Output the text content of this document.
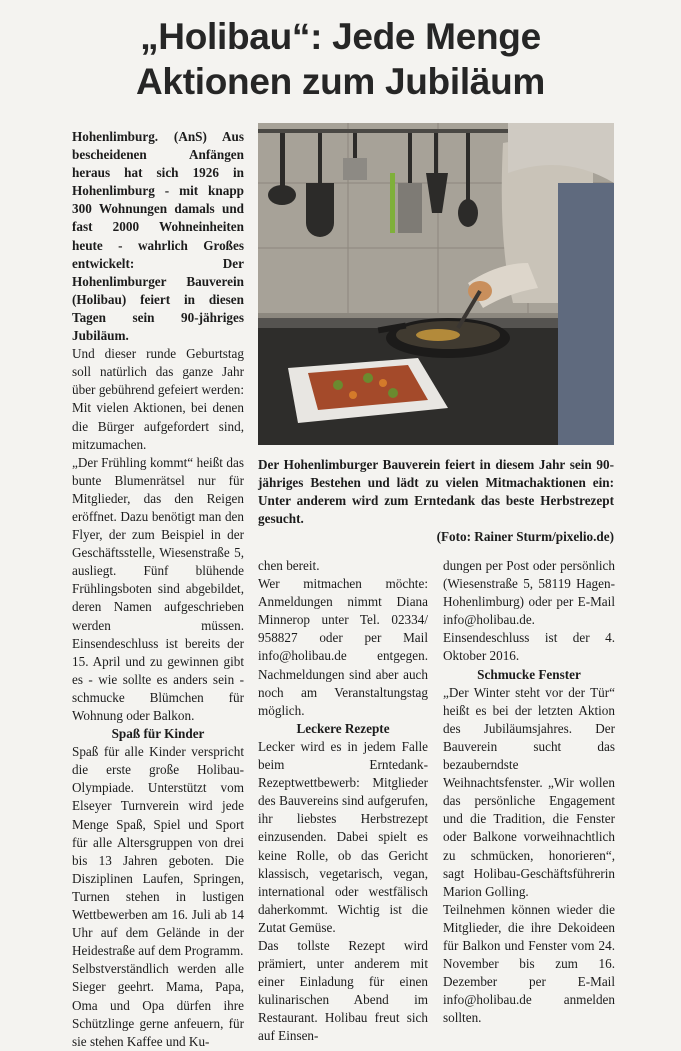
„Holibau“: Jede Menge
Aktionen zum Jubiläum

Hohenlimburg. (AnS) Aus bescheidenen Anfängen heraus hat sich 1926 in Hohenlimburg - mit knapp 300 Wohnungen damals und fast 2000 Wohneinheiten heute - wahrlich Großes entwickelt: Der Hohenlimburger Bauverein (Holibau) feiert in diesen Tagen sein 90-jähriges Jubiläum.

Und dieser runde Geburtstag soll natürlich das ganze Jahr über gebührend gefeiert werden: Mit vielen Aktionen, bei denen die Bürger aufgefordert sind, mitzumachen.

„Der Frühling kommt“ heißt das bunte Blumenrätsel nur für Mitglieder, das den Reigen eröffnet. Dazu benötigt man den Flyer, der zum Beispiel in der Geschäftsstelle, Wiesenstraße 5, ausliegt. Fünf blühende Frühlingsboten sind abgebildet, deren Namen aufgeschrieben werden müssen. Einsendeschluss ist bereits der 15. April und zu gewinnen gibt es - wie sollte es anders sein - schmucke Blümchen für Wohnung oder Balkon.

Spaß für Kinder

Spaß für alle Kinder verspricht die erste große Holibau-Olympiade. Unterstützt vom Elseyer Turnverein wird jede Menge Spaß, Spiel und Sport für alle Altersgruppen von drei bis 13 Jahren geboten. Die Disziplinen Laufen, Springen, Turnen stehen in lustigen Wettbewerben am 16. Juli ab 14 Uhr auf dem Gelände in der Heidestraße auf dem Programm.

Selbstverständlich werden alle Sieger geehrt. Mama, Papa, Oma und Opa dürfen ihre Schützlinge gerne anfeuern, für sie stehen Kaffee und Ku-

Der Hohenlimburger Bauverein feiert in diesem Jahr sein 90-jähriges Bestehen und lädt zu vielen Mitmachaktionen ein: Unter anderem wird zum Erntedank das beste Herbstrezept gesucht.
(Foto: Rainer Sturm/pixelio.de)

chen bereit.

Wer mitmachen möchte: Anmeldungen nimmt Diana Minnerop unter Tel. 02334/ 958827 oder per Mail info@holibau.de entgegen. Nachmeldungen sind aber auch noch am Veranstaltungstag möglich.

Leckere Rezepte

Lecker wird es in jedem Falle beim Erntedank-Rezeptwettbewerb: Mitglieder des Bauvereins sind aufgerufen, ihr liebstes Herbstrezept einzusenden. Dabei spielt es keine Rolle, ob das Gericht klassisch, vegetarisch, vegan, international oder westfälisch daherkommt. Wichtig ist die Zutat Gemüse.

Das tollste Rezept wird prämiert, unter anderem mit einer Einladung für einen kulinarischen Abend im Restaurant. Holibau freut sich auf Einsen-

dungen per Post oder persönlich (Wiesenstraße 5, 58119 Hagen-Hohenlimburg) oder per E-Mail info@holibau.de. Einsendeschluss ist der 4. Oktober 2016.

Schmucke Fenster

„Der Winter steht vor der Tür“ heißt es bei der letzten Aktion des Jubiläumsjahres. Der Bauverein sucht das bezauberndste Weihnachtsfenster. „Wir wollen das persönliche Engagement und die Tradition, die Fenster oder Balkone vorweihnachtlich zu schmücken, honorieren“, sagt Holibau-Geschäftsführerin Marion Golling.

Teilnehmen können wieder die Mitglieder, die ihre Dekoideen für Balkon und Fenster vom 24. November bis zum 16. Dezember per E-Mail info@holibau.de anmelden sollten.
